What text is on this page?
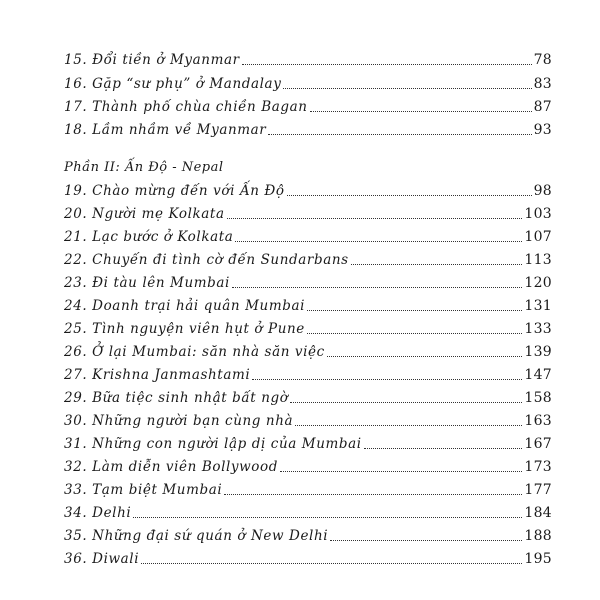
15. Đổi tiền ở Myanmar	78
16. Gặp “sư phụ” ở Mandalay	83
17. Thành phố chùa chiền Bagan	87
18. Lầm nhầm về Myanmar	93
Phần II: Ấn Độ - Nepal
19. Chào mừng đến với Ấn Độ	98
20. Người mẹ Kolkata	103
21. Lạc bước ở Kolkata	107
22. Chuyến đi tình cờ đến Sundarbans	113
23. Đi tàu lên Mumbai	120
24. Doanh trại hải quân Mumbai	131
25. Tình nguyện viên hụt ở Pune	133
26. Ở lại Mumbai: săn nhà săn việc	139
27. Krishna Janmashtami	147
29. Bữa tiệc sinh nhật bất ngờ	158
30. Những người bạn cùng nhà	163
31. Những con người lập dị của Mumbai	167
32. Làm diễn viên Bollywood	173
33. Tạm biệt Mumbai	177
34. Delhi	184
35. Những đại sứ quán ở New Delhi	188
36. Diwali	195
